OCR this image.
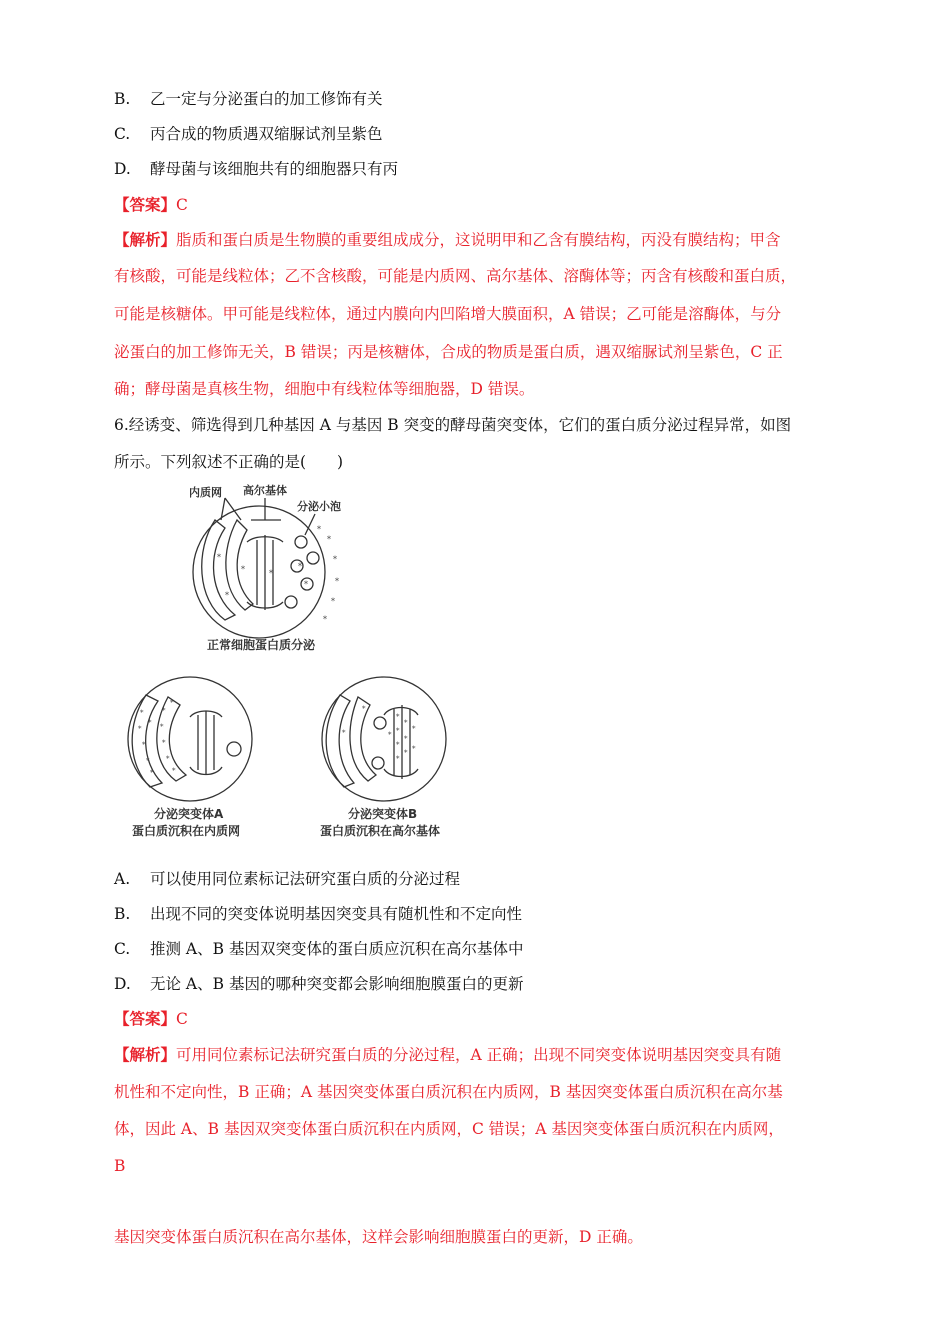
B. 乙一定与分泌蛋白的加工修饰有关
C. 丙合成的物质遇双缩脲试剂呈紫色
D. 酵母菌与该细胞共有的细胞器只有丙
【答案】C
【解析】脂质和蛋白质是生物膜的重要组成成分，这说明甲和乙含有膜结构，丙没有膜结构；甲含
有核酸，可能是线粒体；乙不含核酸，可能是内质网、高尔基体、溶酶体等；丙含有核酸和蛋白质，
可能是核糖体。甲可能是线粒体，通过内膜向内凹陷增大膜面积，A 错误；乙可能是溶酶体，与分
泌蛋白的加工修饰无关，B 错误；丙是核糖体，合成的物质是蛋白质，遇双缩脲试剂呈紫色，C 正
确；酵母菌是真核生物，细胞中有线粒体等细胞器，D 错误。
6.经诱变、筛选得到几种基因 A 与基因 B 突变的酵母菌突变体，它们的蛋白质分泌过程异常，如图
所示。下列叙述不正确的是(　　)
内质网 高尔基体
分泌小泡
*
*
*
*
*
*
*
*
*	*
*
*
正常细胞蛋白质分泌
*
*
*
*
*
*
*
*
*
*
*
*
分泌突变体A
蛋白质沉积在内质网
*
*
*
*
*
*
*
*
*
*
*
*
分泌突变体B
蛋白质沉积在高尔基体
A. 可以使用同位素标记法研究蛋白质的分泌过程
B. 出现不同的突变体说明基因突变具有随机性和不定向性
C. 推测 A、B 基因双突变体的蛋白质应沉积在高尔基体中
D. 无论 A、B 基因的哪种突变都会影响细胞膜蛋白的更新
【答案】C
【解析】可用同位素标记法研究蛋白质的分泌过程，A 正确；出现不同突变体说明基因突变具有随
机性和不定向性，B 正确；A 基因突变体蛋白质沉积在内质网，B 基因突变体蛋白质沉积在高尔基
体，因此 A、B 基因双突变体蛋白质沉积在内质网，C 错误；A 基因突变体蛋白质沉积在内质网，
B
基因突变体蛋白质沉积在高尔基体，这样会影响细胞膜蛋白的更新，D 正确。
